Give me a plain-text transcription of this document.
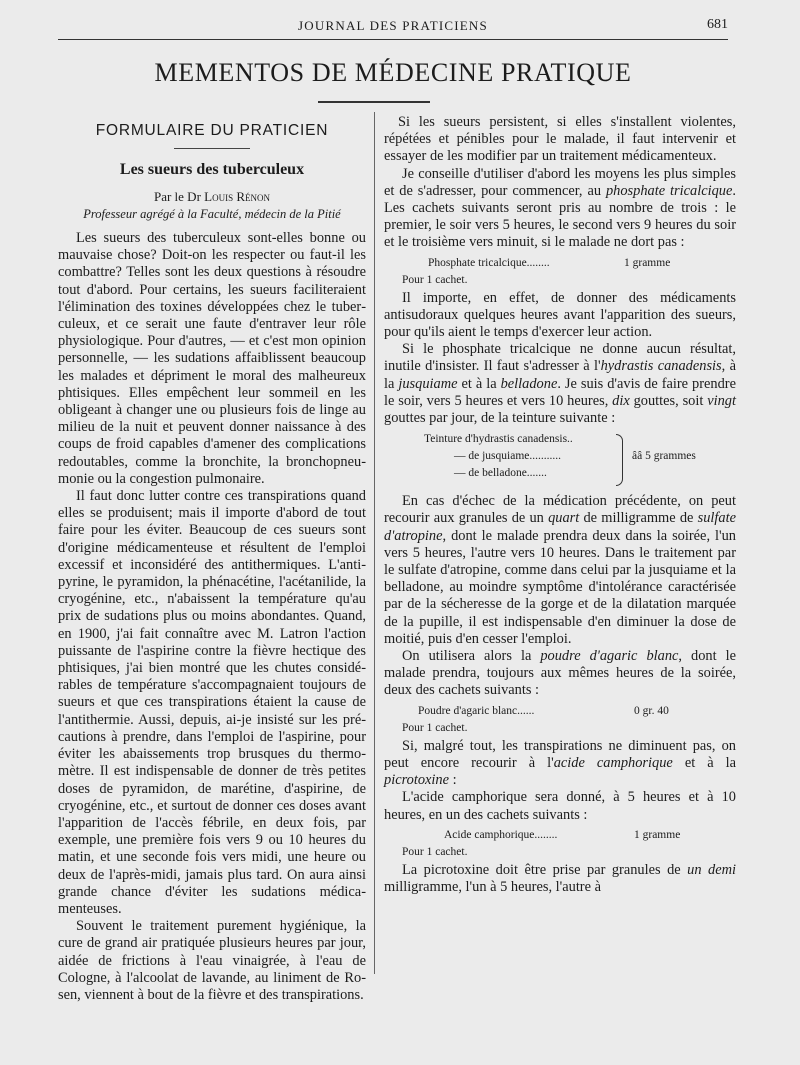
JOURNAL DES PRATICIENS	681
MEMENTOS DE MÉDECINE PRATIQUE
FORMULAIRE DU PRATICIEN
Les sueurs des tuberculeux
Par le Dr Louis Rénon
Professeur agrégé à la Faculté, médecin de la Pitié

Les sueurs des tuberculeux sont-elles bonne ou mauvaise chose? Doit-on les respecter ou faut-il les combattre? Telles sont les deux questions à résoudre tout d'abord. Pour certains, les sueurs faciliteraient l'élimination des toxines développées chez le tuberculeux, et ce serait une faute d'entraver leur rôle physiologique. Pour d'autres, — et c'est mon opinion personnelle, — les sudations affaiblissent beaucoup les malades et dépriment le moral des malheureux phtisiques. Elles empêchent leur sommeil en les obligeant à changer une ou plusieurs fois de linge au milieu de la nuit et peuvent donner naissance à des coups de froid capables d'amener des complications redoutables, comme la bronchite, la bronchopneumonie ou la congestion pulmonaire.

Il faut donc lutter contre ces transpirations quand elles se produisent; mais il importe d'abord de tout faire pour les éviter. Beaucoup de ces sueurs sont d'origine médicamenteuse et résultent de l'emploi excessif et inconsidéré des antithermiques. L'antipyrine, le pyramidon, la phénacétine, l'acétanilide, la cryogénine, etc., n'abaissent la température qu'au prix de sudations plus ou moins abondantes. Quand, en 1900, j'ai fait connaître avec M. Latron l'action puissante de l'aspirine contre la fièvre hectique des phtisiques, j'ai bien montré que les chutes considérables de température s'accompagnaient toujours de sueurs et que ces transpirations étaient la cause de l'antithermie. Aussi, depuis, ai-je insisté sur les précautions à prendre, dans l'emploi de l'aspirine, pour éviter les abaissements trop brusques du thermomètre. Il est indispensable de donner de très petites doses de pyramidon, de marétine, d'aspirine, de cryogénine, etc., et surtout de donner ces doses avant l'apparition de l'accès fébrile, en deux fois, par exemple, une première fois vers 9 ou 10 heures du matin, et une seconde fois vers midi, une heure ou deux de l'après-midi, jamais plus tard. On aura ainsi grande chance d'éviter les sudations médicamenteuses.

Souvent le traitement purement hygiénique, la cure de grand air pratiquée plusieurs heures par jour, aidée de frictions à l'eau vinaigrée, à l'eau de Cologne, à l'alcoolat de lavande, au liniment de Rosen, viennent à bout de la fièvre et des transpirations.

Si les sueurs persistent, si elles s'installent violentes, répétées et pénibles pour le malade, il faut intervenir et essayer de les modifier par un traitement médicamenteux.

Je conseille d'utiliser d'abord les moyens les plus simples et de s'adresser, pour commencer, au phosphate tricalcique. Les cachets suivants seront pris au nombre de trois : le premier, le soir vers 5 heures, le second vers 9 heures du soir et le troisième vers minuit, si le malade ne dort pas :

Phosphate tricalcique........	1 gramme
Pour 1 cachet.

Il importe, en effet, de donner des médicaments antisudoraux quelques heures avant l'apparition des sueurs, pour qu'ils aient le temps d'exercer leur action.

Si le phosphate tricalcique ne donne aucun résultat, inutile d'insister. Il faut s'adresser à l'hydrastis canadensis, à la jusquiame et à la belladone. Je suis d'avis de faire prendre le soir, vers 5 heures et vers 10 heures, dix gouttes, soit vingt gouttes par jour, de la teinture suivante :

Teinture d'hydrastis canadensis..
— de jusquiame...........
— de belladone.......
ââ 5 grammes

En cas d'échec de la médication précédente, on peut recourir aux granules de un quart de milligramme de sulfate d'atropine, dont le malade prendra deux dans la soirée, l'un vers 5 heures, l'autre vers 10 heures. Dans le traitement par le sulfate d'atropine, comme dans celui par la jusquiame et la belladone, au moindre symptôme d'intolérance caractérisée par de la sécheresse de la gorge et de la dilatation marquée de la pupille, il est indispensable d'en diminuer la dose de moitié, puis d'en cesser l'emploi.

On utilisera alors la poudre d'agaric blanc, dont le malade prendra, toujours aux mêmes heures de la soirée, deux des cachets suivants :

Poudre d'agaric blanc......	0 gr. 40
Pour 1 cachet.

Si, malgré tout, les transpirations ne diminuent pas, on peut encore recourir à l'acide camphorique et à la picrotoxine :

L'acide camphorique sera donné, à 5 heures et à 10 heures, en un des cachets suivants :

Acide camphorique........	1 gramme
Pour 1 cachet.

La picrotoxine doit être prise par granules de un demi milligramme, l'un à 5 heures, l'autre à
